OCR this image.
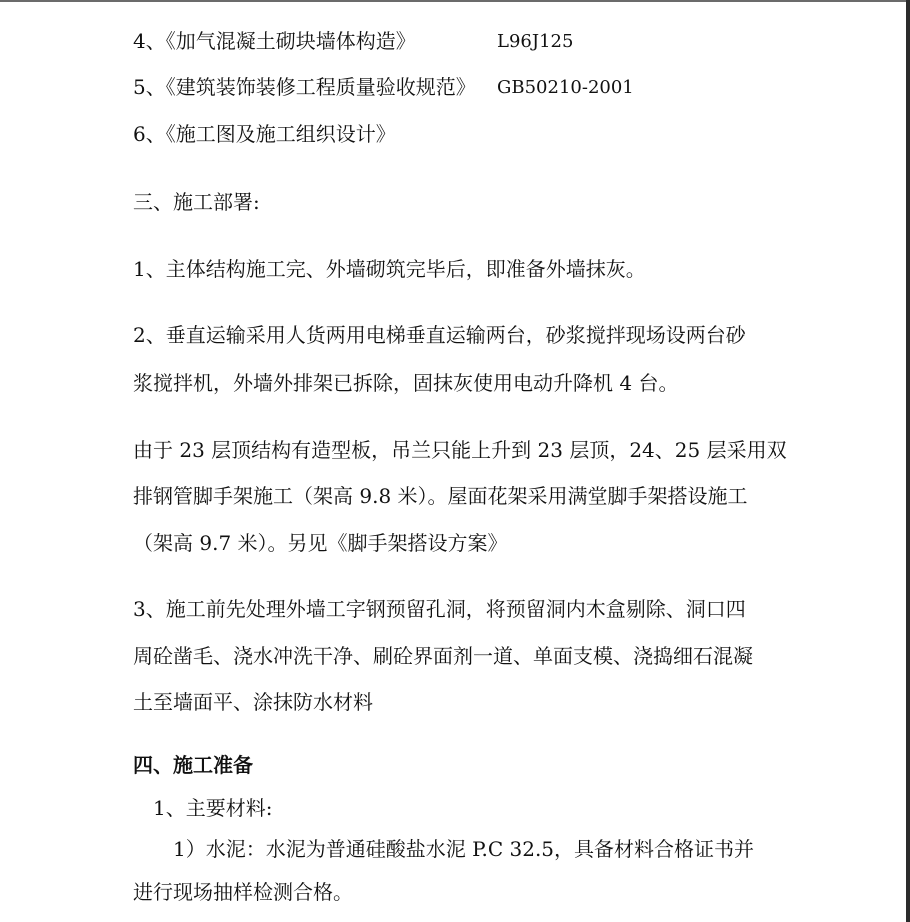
4、《加气混凝土砌块墙体构造》	L96J125
5、《建筑装饰装修工程质量验收规范》 GB50210-2001
6、《施工图及施工组织设计》
三、施工部署:
1、主体结构施工完、外墙砌筑完毕后，即准备外墙抹灰。
2、垂直运输采用人货两用电梯垂直运输两台，砂浆搅拌现场设两台砂
浆搅拌机，外墙外排架已拆除，固抹灰使用电动升降机 4 台。
由于 23 层顶结构有造型板，吊兰只能上升到 23 层顶，24、25 层采用双
排钢管脚手架施工（架高 9.8 米）。屋面花架采用满堂脚手架搭设施工
（架高 9.7 米）。另见《脚手架搭设方案》
3、施工前先处理外墙工字钢预留孔洞，将预留洞内木盒剔除、洞口四
周砼凿毛、浇水冲洗干净、刷砼界面剂一道、单面支模、浇捣细石混凝
土至墙面平、涂抹防水材料
四、施工准备
1、主要材料:
1）水泥：水泥为普通硅酸盐水泥 P.C 32.5，具备材料合格证书并
进行现场抽样检测合格。
